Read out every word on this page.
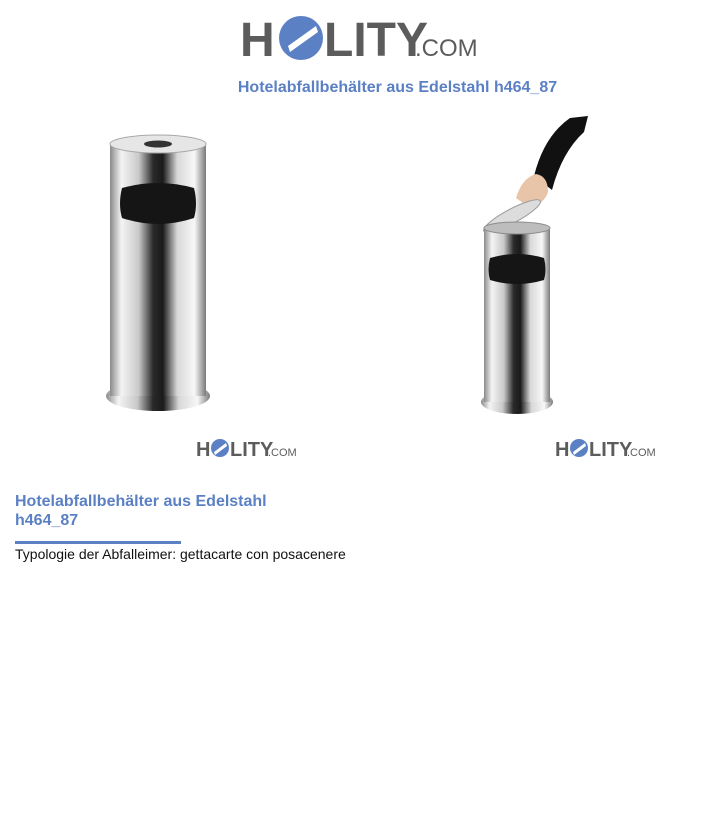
H LITY
.COM
Hotelabfallbehälter aus Edelstahl h464_87
H LITY
.COM	H LITY
.COM
Hotelabfallbehälter aus Edelstahl
h464_87
Typologie der Abfalleimer: gettacarte con posacenere
